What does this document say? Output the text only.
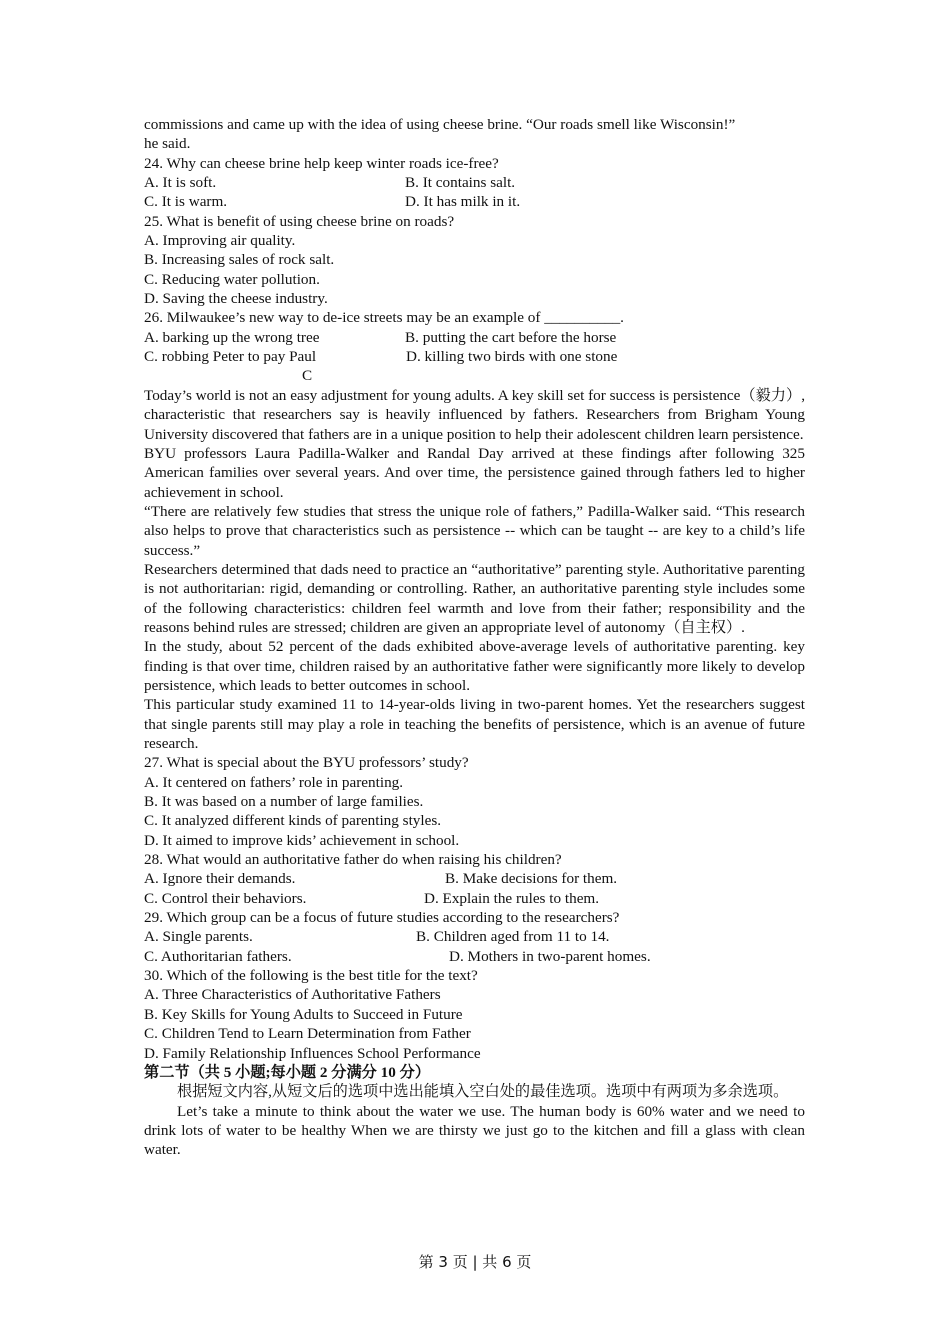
commissions and came up with the idea of using cheese brine. “Our roads smell like Wisconsin!”
he said.
24. Why can cheese brine help keep winter roads ice-free?
A. It is soft.	B. It contains salt.
C. It is warm.	D. It has milk in it.
25. What is benefit of using cheese brine on roads?
A. Improving air quality.
B. Increasing sales of rock salt.
C. Reducing water pollution.
D. Saving the cheese industry.
26. Milwaukee’s new way to de-ice streets may be an example of __________.
A. barking up the wrong tree	B. putting the cart before the horse
C. robbing Peter to pay Paul	D. killing two birds with one stone
C
Today’s world is not an easy adjustment for young adults. A key skill set for success is persistence（毅力）, characteristic that researchers say is heavily influenced by fathers. Researchers from Brigham Young University discovered that fathers are in a unique position to help their adolescent children learn persistence.
BYU professors Laura Padilla-Walker and Randal Day arrived at these findings after following 325 American families over several years. And over time, the persistence gained through fathers led to higher achievement in school.
“There are relatively few studies that stress the unique role of fathers,” Padilla-Walker said. “This research also helps to prove that characteristics such as persistence -- which can be taught -- are key to a child’s life success.”
Researchers determined that dads need to practice an “authoritative” parenting style. Authoritative parenting is not authoritarian: rigid, demanding or controlling. Rather, an authoritative parenting style includes some of the following characteristics: children feel warmth and love from their father; responsibility and the reasons behind rules are stressed; children are given an appropriate level of autonomy（自主权）.
In the study, about 52 percent of the dads exhibited above-average levels of authoritative parenting. key finding is that over time, children raised by an authoritative father were significantly more likely to develop persistence, which leads to better outcomes in school.
This particular study examined 11 to 14-year-olds living in two-parent homes. Yet the researchers suggest that single parents still may play a role in teaching the benefits of persistence, which is an avenue of future research.
27. What is special about the BYU professors’ study?
A. It centered on fathers’ role in parenting.
B. It was based on a number of large families.
C. It analyzed different kinds of parenting styles.
D. It aimed to improve kids’ achievement in school.
28. What would an authoritative father do when raising his children?
A. Ignore their demands.	B. Make decisions for them.
C. Control their behaviors.	D. Explain the rules to them.
29. Which group can be a focus of future studies according to the researchers?
A. Single parents.	B. Children aged from 11 to 14.
C. Authoritarian fathers.	D. Mothers in two-parent homes.
30. Which of the following is the best title for the text?
A. Three Characteristics of Authoritative Fathers
B. Key Skills for Young Adults to Succeed in Future
C. Children Tend to Learn Determination from Father
D. Family Relationship Influences School Performance
第二节（共 5 小题;每小题 2 分满分 10 分）
根据短文内容,从短文后的选项中选出能填入空白处的最佳选项。选项中有两项为多余选项。
Let’s take a minute to think about the water we use. The human body is 60% water and we need to drink lots of water to be healthy When we are thirsty we just go to the kitchen and fill a glass with clean water.
第 3 页 | 共 6 页
